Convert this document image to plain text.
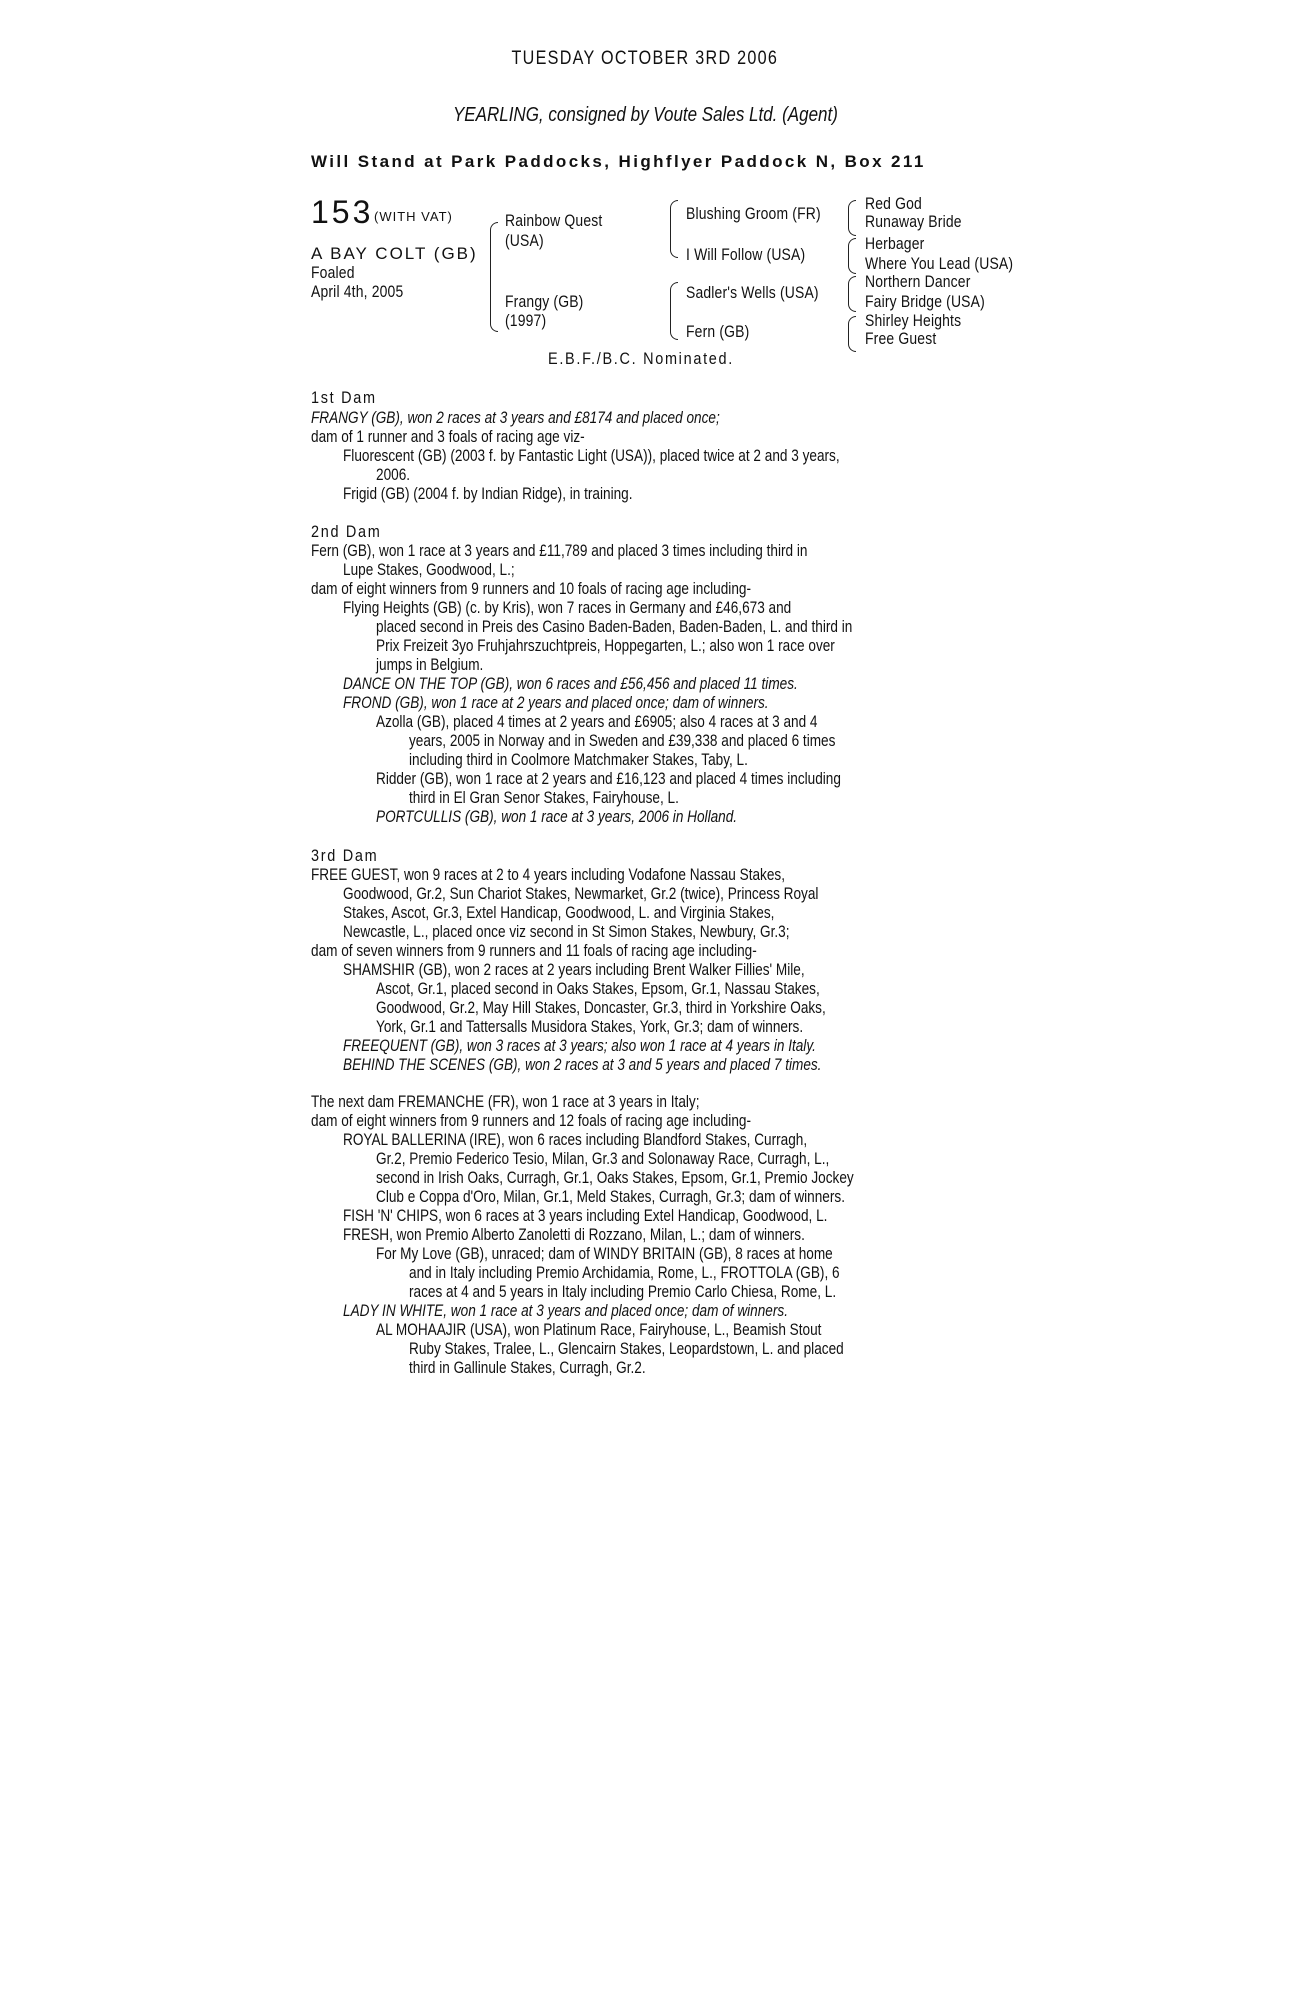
TUESDAY OCTOBER 3RD 2006
YEARLING, consigned by Voute Sales Ltd. (Agent)
Will Stand at Park Paddocks, Highflyer Paddock N, Box 211
153 (WITH VAT)
A BAY COLT (GB)
Foaled
April 4th, 2005
Rainbow Quest
(USA)
Frangy (GB)
(1997)
Blushing Groom (FR)
I Will Follow (USA)
Sadler's Wells (USA)
Fern (GB)
Red God
Runaway Bride
Herbager
Where You Lead (USA)
Northern Dancer
Fairy Bridge (USA)
Shirley Heights
Free Guest
E.B.F./B.C. Nominated.
1st Dam
FRANGY (GB), won 2 races at 3 years and £8174 and placed once;
dam of 1 runner and 3 foals of racing age viz-
Fluorescent (GB) (2003 f. by Fantastic Light (USA)), placed twice at 2 and 3 years,
2006.
Frigid (GB) (2004 f. by Indian Ridge), in training.
2nd Dam
Fern (GB), won 1 race at 3 years and £11,789 and placed 3 times including third in
Lupe Stakes, Goodwood, L.;
dam of eight winners from 9 runners and 10 foals of racing age including-
Flying Heights (GB) (c. by Kris), won 7 races in Germany and £46,673 and
placed second in Preis des Casino Baden-Baden, Baden-Baden, L. and third in
Prix Freizeit 3yo Fruhjahrszuchtpreis, Hoppegarten, L.; also won 1 race over
jumps in Belgium.
DANCE ON THE TOP (GB), won 6 races and £56,456 and placed 11 times.
FROND (GB), won 1 race at 2 years and placed once; dam of winners.
Azolla (GB), placed 4 times at 2 years and £6905; also 4 races at 3 and 4
years, 2005 in Norway and in Sweden and £39,338 and placed 6 times
including third in Coolmore Matchmaker Stakes, Taby, L.
Ridder (GB), won 1 race at 2 years and £16,123 and placed 4 times including
third in El Gran Senor Stakes, Fairyhouse, L.
PORTCULLIS (GB), won 1 race at 3 years, 2006 in Holland.
3rd Dam
FREE GUEST, won 9 races at 2 to 4 years including Vodafone Nassau Stakes,
Goodwood, Gr.2, Sun Chariot Stakes, Newmarket, Gr.2 (twice), Princess Royal
Stakes, Ascot, Gr.3, Extel Handicap, Goodwood, L. and Virginia Stakes,
Newcastle, L., placed once viz second in St Simon Stakes, Newbury, Gr.3;
dam of seven winners from 9 runners and 11 foals of racing age including-
SHAMSHIR (GB), won 2 races at 2 years including Brent Walker Fillies' Mile,
Ascot, Gr.1, placed second in Oaks Stakes, Epsom, Gr.1, Nassau Stakes,
Goodwood, Gr.2, May Hill Stakes, Doncaster, Gr.3, third in Yorkshire Oaks,
York, Gr.1 and Tattersalls Musidora Stakes, York, Gr.3; dam of winners.
FREEQUENT (GB), won 3 races at 3 years; also won 1 race at 4 years in Italy.
BEHIND THE SCENES (GB), won 2 races at 3 and 5 years and placed 7 times.
The next dam FREMANCHE (FR), won 1 race at 3 years in Italy;
dam of eight winners from 9 runners and 12 foals of racing age including-
ROYAL BALLERINA (IRE), won 6 races including Blandford Stakes, Curragh,
Gr.2, Premio Federico Tesio, Milan, Gr.3 and Solonaway Race, Curragh, L.,
second in Irish Oaks, Curragh, Gr.1, Oaks Stakes, Epsom, Gr.1, Premio Jockey
Club e Coppa d'Oro, Milan, Gr.1, Meld Stakes, Curragh, Gr.3; dam of winners.
FISH 'N' CHIPS, won 6 races at 3 years including Extel Handicap, Goodwood, L.
FRESH, won Premio Alberto Zanoletti di Rozzano, Milan, L.; dam of winners.
For My Love (GB), unraced; dam of WINDY BRITAIN (GB), 8 races at home
and in Italy including Premio Archidamia, Rome, L., FROTTOLA (GB), 6
races at 4 and 5 years in Italy including Premio Carlo Chiesa, Rome, L.
LADY IN WHITE, won 1 race at 3 years and placed once; dam of winners.
AL MOHAAJIR (USA), won Platinum Race, Fairyhouse, L., Beamish Stout
Ruby Stakes, Tralee, L., Glencairn Stakes, Leopardstown, L. and placed
third in Gallinule Stakes, Curragh, Gr.2.
